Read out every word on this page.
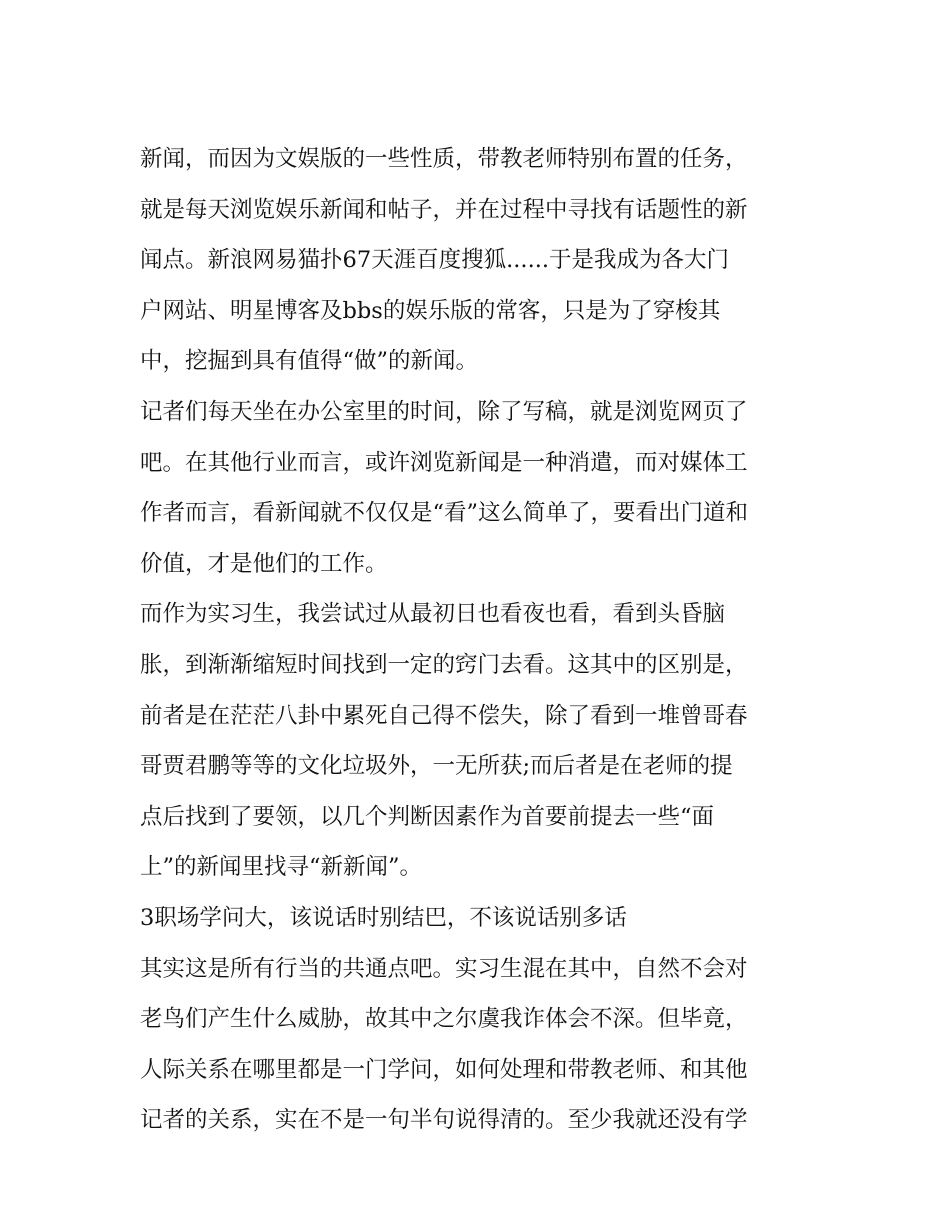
新闻，而因为文娱版的一些性质，带教老师特别布置的任务，
就是每天浏览娱乐新闻和帖子，并在过程中寻找有话题性的新
闻点。新浪网易猫扑67天涯百度搜狐......于是我成为各大门
户网站、明星博客及bbs的娱乐版的常客，只是为了穿梭其
中，挖掘到具有值得“做”的新闻。
记者们每天坐在办公室里的时间，除了写稿，就是浏览网页了
吧。在其他行业而言，或许浏览新闻是一种消遣，而对媒体工
作者而言，看新闻就不仅仅是“看”这么简单了，要看出门道和
价值，才是他们的工作。
而作为实习生，我尝试过从最初日也看夜也看，看到头昏脑
胀，到渐渐缩短时间找到一定的窍门去看。这其中的区别是，
前者是在茫茫八卦中累死自己得不偿失，除了看到一堆曾哥春
哥贾君鹏等等的文化垃圾外，一无所获;而后者是在老师的提
点后找到了要领，以几个判断因素作为首要前提去一些“面
上”的新闻里找寻“新新闻”。
3职场学问大，该说话时别结巴，不该说话别多话
其实这是所有行当的共通点吧。实习生混在其中，自然不会对
老鸟们产生什么威胁，故其中之尔虞我诈体会不深。但毕竟，
人际关系在哪里都是一门学问，如何处理和带教老师、和其他
记者的关系，实在不是一句半句说得清的。至少我就还没有学
